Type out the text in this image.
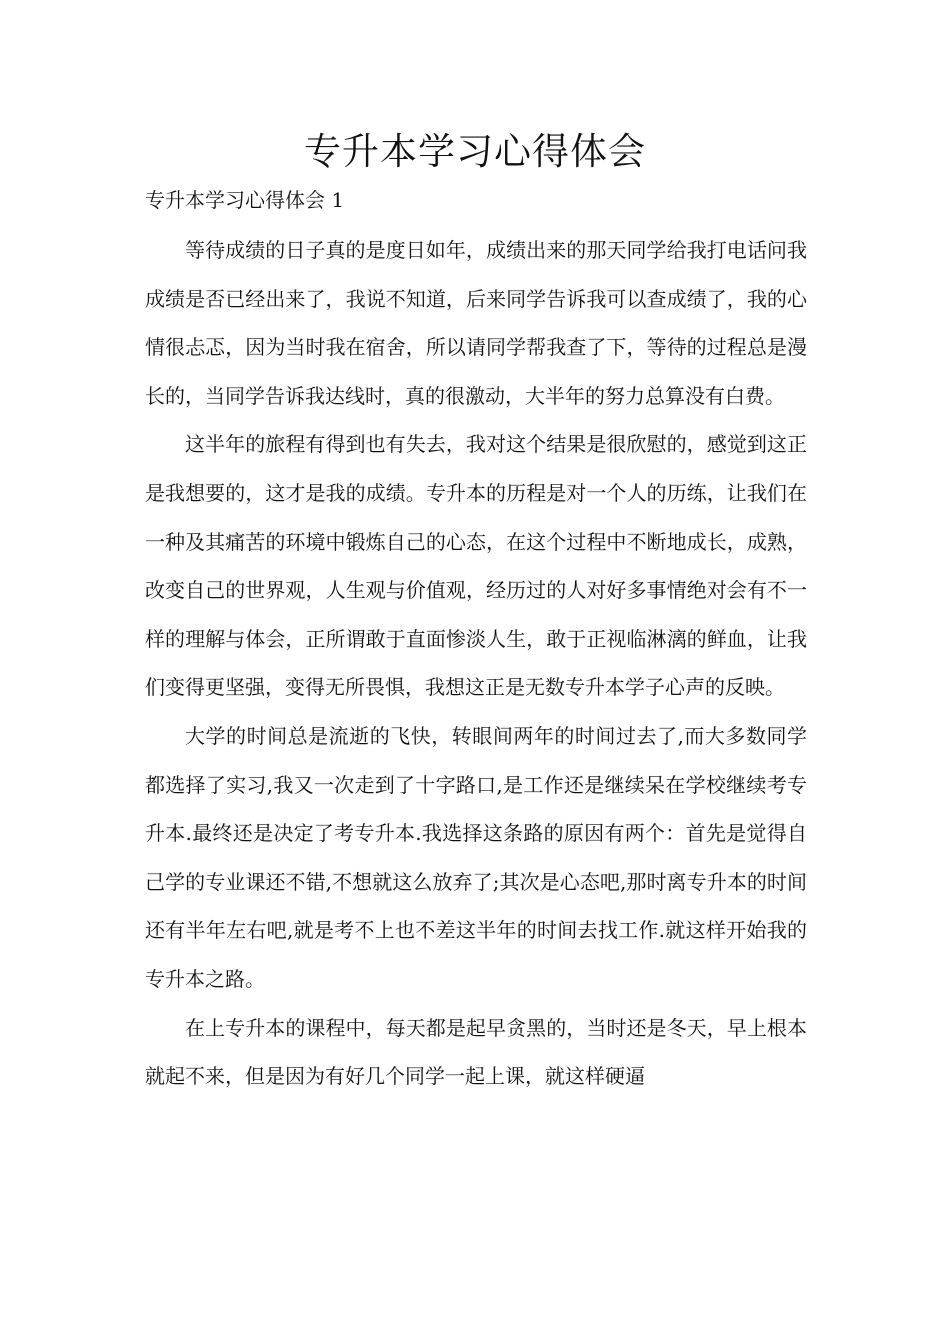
专升本学习心得体会

专升本学习心得体会 1

等待成绩的日子真的是度日如年，成绩出来的那天同学给我打电话问我成绩是否已经出来了，我说不知道，后来同学告诉我可以查成绩了，我的心情很忐忑，因为当时我在宿舍，所以请同学帮我查了下，等待的过程总是漫长的，当同学告诉我达线时，真的很激动，大半年的努力总算没有白费。

这半年的旅程有得到也有失去，我对这个结果是很欣慰的，感觉到这正是我想要的，这才是我的成绩。专升本的历程是对一个人的历练，让我们在一种及其痛苦的环境中锻炼自己的心态，在这个过程中不断地成长，成熟，改变自己的世界观，人生观与价值观，经历过的人对好多事情绝对会有不一样的理解与体会，正所谓敢于直面惨淡人生，敢于正视临淋漓的鲜血，让我们变得更坚强，变得无所畏惧，我想这正是无数专升本学子心声的反映。

大学的时间总是流逝的飞快，转眼间两年的时间过去了,而大多数同学都选择了实习,我又一次走到了十字路口,是工作还是继续呆在学校继续考专升本.最终还是决定了考专升本.我选择这条路的原因有两个：首先是觉得自己学的专业课还不错,不想就这么放弃了;其次是心态吧,那时离专升本的时间还有半年左右吧,就是考不上也不差这半年的时间去找工作.就这样开始我的专升本之路。

在上专升本的课程中，每天都是起早贪黑的，当时还是冬天，早上根本就起不来，但是因为有好几个同学一起上课，就这样硬逼
